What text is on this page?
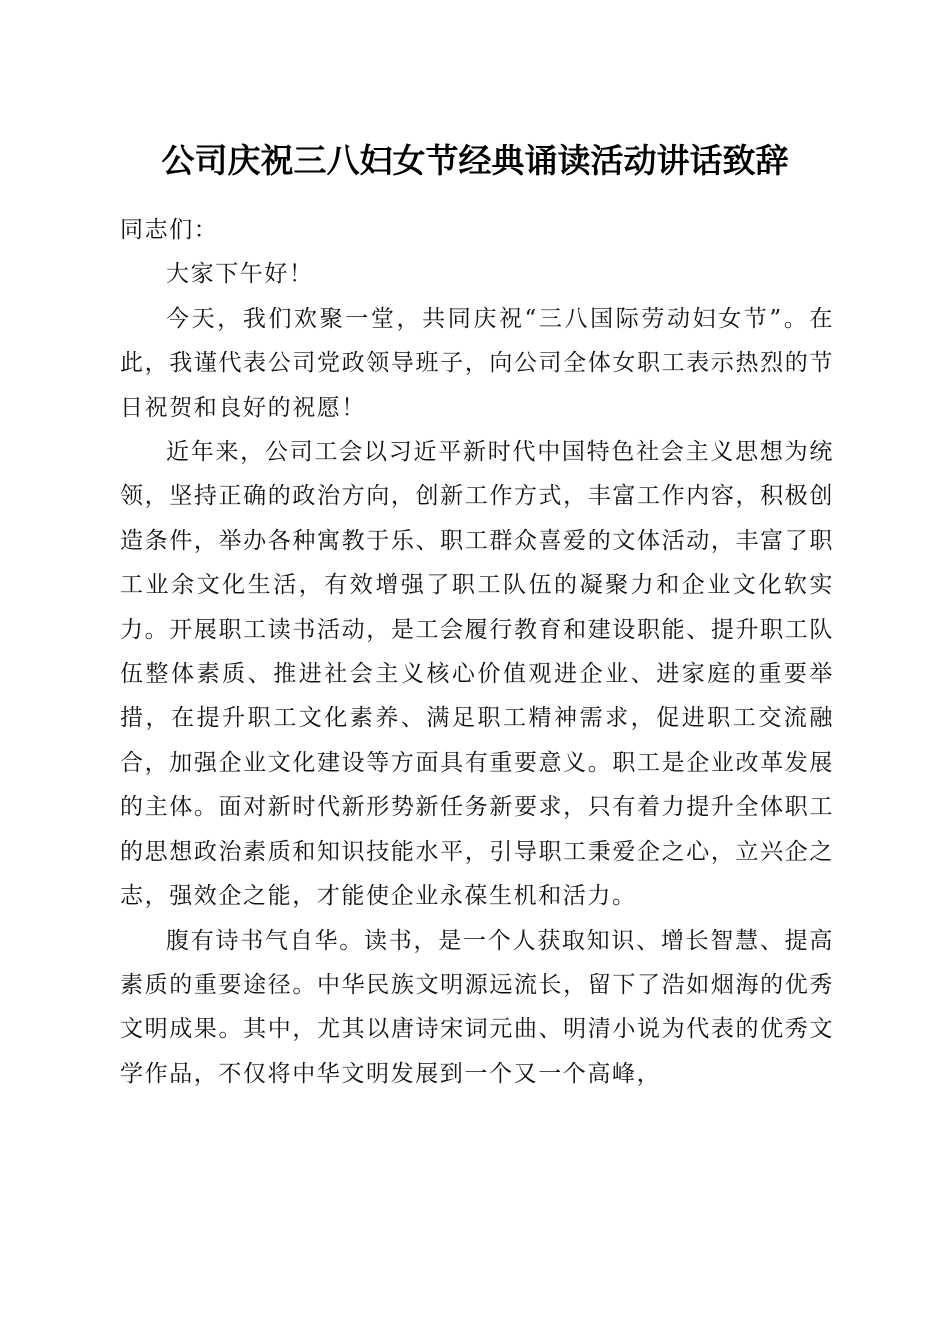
公司庆祝三八妇女节经典诵读活动讲话致辞

同志们：

大家下午好！

今天，我们欢聚一堂，共同庆祝“三八国际劳动妇女节”。在此，我谨代表公司党政领导班子，向公司全体女职工表示热烈的节日祝贺和良好的祝愿！

近年来，公司工会以习近平新时代中国特色社会主义思想为统领，坚持正确的政治方向，创新工作方式，丰富工作内容，积极创造条件，举办各种寓教于乐、职工群众喜爱的文体活动，丰富了职工业余文化生活，有效增强了职工队伍的凝聚力和企业文化软实力。开展职工读书活动，是工会履行教育和建设职能、提升职工队伍整体素质、推进社会主义核心价值观进企业、进家庭的重要举措，在提升职工文化素养、满足职工精神需求，促进职工交流融合，加强企业文化建设等方面具有重要意义。职工是企业改革发展的主体。面对新时代新形势新任务新要求，只有着力提升全体职工的思想政治素质和知识技能水平，引导职工秉爱企之心，立兴企之志，强效企之能，才能使企业永葆生机和活力。

腹有诗书气自华。读书，是一个人获取知识、增长智慧、提高素质的重要途径。中华民族文明源远流长，留下了浩如烟海的优秀文明成果。其中，尤其以唐诗宋词元曲、明清小说为代表的优秀文学作品，不仅将中华文明发展到一个又一个高峰，
